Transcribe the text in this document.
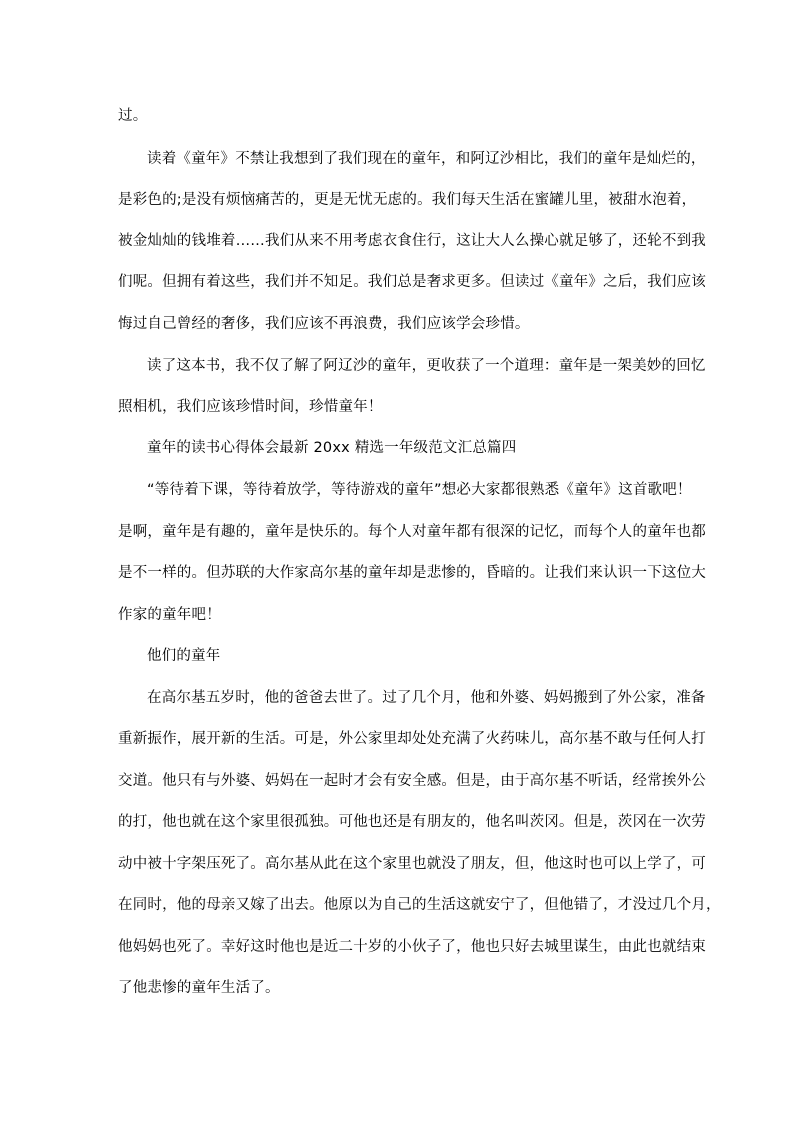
过。
读着《童年》不禁让我想到了我们现在的童年，和阿辽沙相比，我们的童年是灿烂的，
是彩色的;是没有烦恼痛苦的，更是无忧无虑的。我们每天生活在蜜罐儿里，被甜水泡着，
被金灿灿的钱堆着……我们从来不用考虑衣食住行，这让大人么操心就足够了，还轮不到我
们呢。但拥有着这些，我们并不知足。我们总是奢求更多。但读过《童年》之后，我们应该
悔过自己曾经的奢侈，我们应该不再浪费，我们应该学会珍惜。
读了这本书，我不仅了解了阿辽沙的童年，更收获了一个道理：童年是一架美妙的回忆
照相机，我们应该珍惜时间，珍惜童年！
童年的读书心得体会最新 20xx 精选一年级范文汇总篇四
“等待着下课，等待着放学，等待游戏的童年”想必大家都很熟悉《童年》这首歌吧！
是啊，童年是有趣的，童年是快乐的。每个人对童年都有很深的记忆，而每个人的童年也都
是不一样的。但苏联的大作家高尔基的童年却是悲惨的，昏暗的。让我们来认识一下这位大
作家的童年吧！
他们的童年
在高尔基五岁时，他的爸爸去世了。过了几个月，他和外婆、妈妈搬到了外公家，准备
重新振作，展开新的生活。可是，外公家里却处处充满了火药味儿，高尔基不敢与任何人打
交道。他只有与外婆、妈妈在一起时才会有安全感。但是，由于高尔基不听话，经常挨外公
的打，他也就在这个家里很孤独。可他也还是有朋友的，他名叫茨冈。但是，茨冈在一次劳
动中被十字架压死了。高尔基从此在这个家里也就没了朋友，但，他这时也可以上学了，可
在同时，他的母亲又嫁了出去。他原以为自己的生活这就安宁了，但他错了，才没过几个月，
他妈妈也死了。幸好这时他也是近二十岁的小伙子了，他也只好去城里谋生，由此也就结束
了他悲惨的童年生活了。
